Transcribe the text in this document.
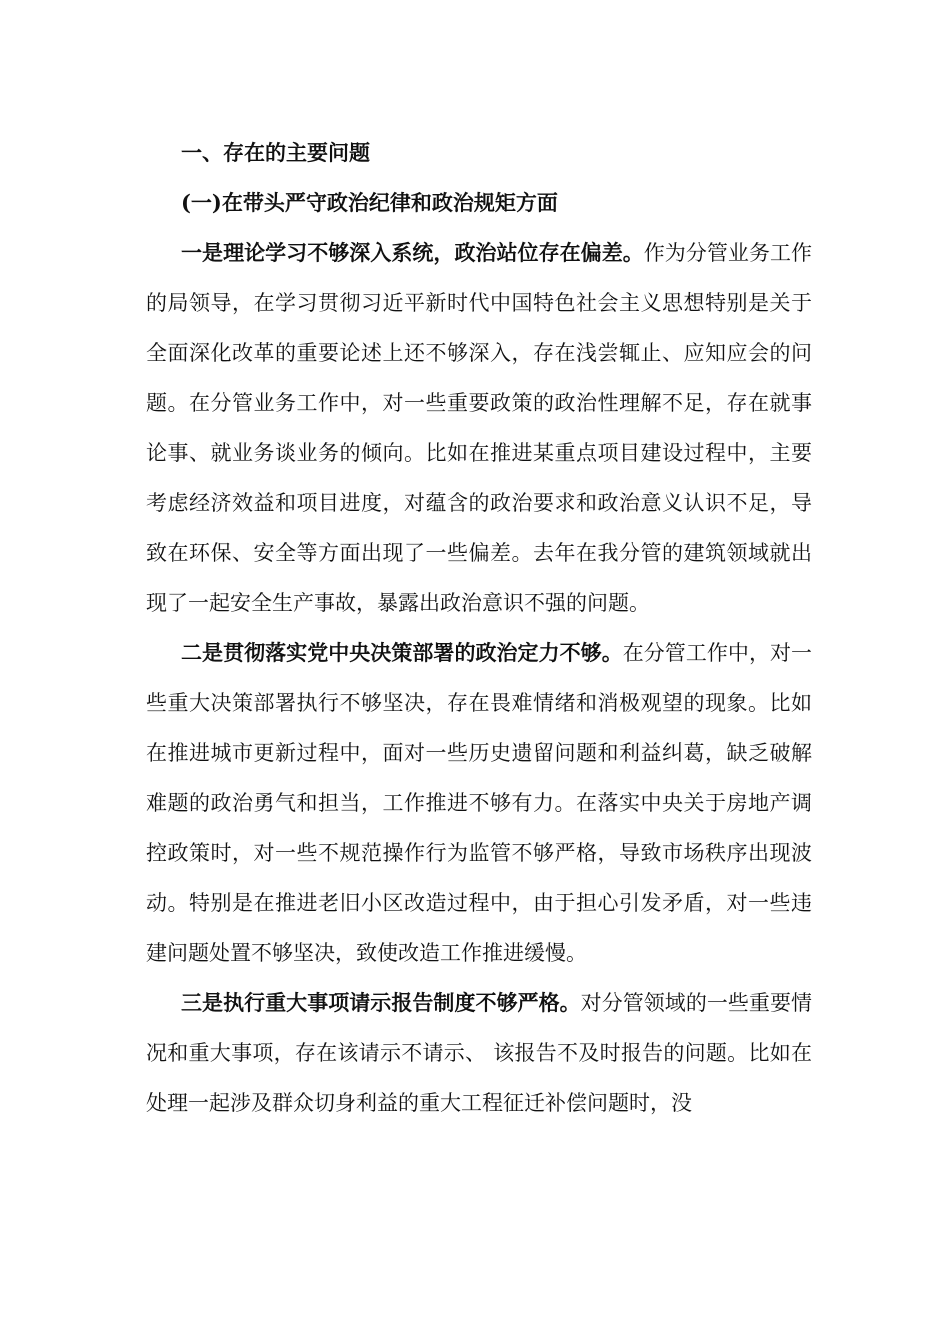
一、存在的主要问题

(一)在带头严守政治纪律和政治规矩方面

一是理论学习不够深入系统，政治站位存在偏差。作为分管业务工作的局领导，在学习贯彻习近平新时代中国特色社会主义思想特别是关于全面深化改革的重要论述上还不够深入，存在浅尝辄止、应知应会的问题。在分管业务工作中，对一些重要政策的政治性理解不足，存在就事论事、就业务谈业务的倾向。比如在推进某重点项目建设过程中，主要考虑经济效益和项目进度，对蕴含的政治要求和政治意义认识不足，导致在环保、安全等方面出现了一些偏差。去年在我分管的建筑领域就出现了一起安全生产事故，暴露出政治意识不强的问题。

二是贯彻落实党中央决策部署的政治定力不够。在分管工作中，对一些重大决策部署执行不够坚决，存在畏难情绪和消极观望的现象。比如在推进城市更新过程中，面对一些历史遗留问题和利益纠葛，缺乏破解难题的政治勇气和担当，工作推进不够有力。在落实中央关于房地产调控政策时，对一些不规范操作行为监管不够严格，导致市场秩序出现波动。特别是在推进老旧小区改造过程中，由于担心引发矛盾，对一些违建问题处置不够坚决，致使改造工作推进缓慢。

三是执行重大事项请示报告制度不够严格。对分管领域的一些重要情况和重大事项，存在该请示不请示、 该报告不及时报告的问题。比如在处理一起涉及群众切身利益的重大工程征迁补偿问题时，没
